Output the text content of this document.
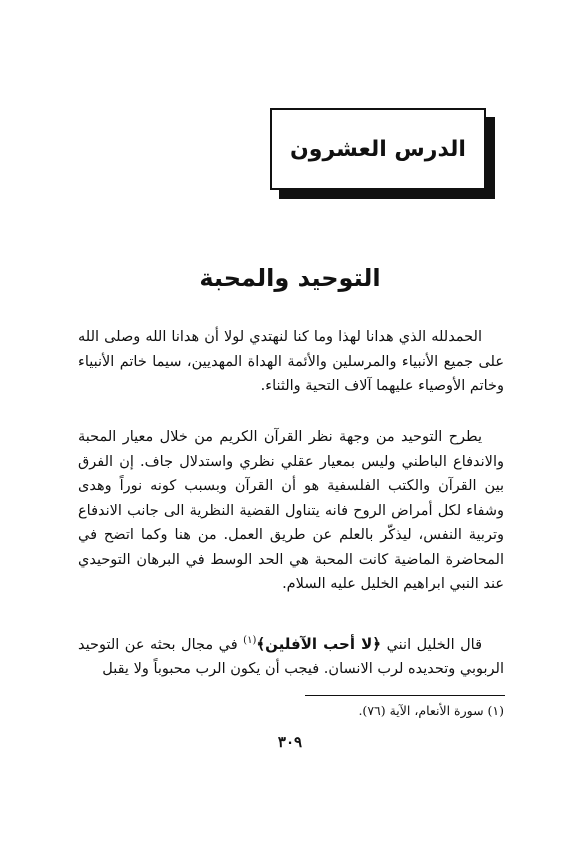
الدرس العشرون
التوحيد والمحبة

الحمدلله الذي هدانا لهذا وما كنا لنهتدي لولا أن هدانا الله وصلى الله على جميع الأنبياء والمرسلين والأئمة الهداة المهديين، سيما خاتم الأنبياء وخاتم الأوصياء عليهما آلاف التحية والثناء.

يطرح التوحيد من وجهة نظر القرآن الكريم من خلال معيار المحبة والاندفاع الباطني وليس بمعيار عقلي نظري واستدلال جاف. إن الفرق بين القرآن والكتب الفلسفية هو أن القرآن وبسبب كونه نوراً وهدى وشفاء لكل أمراض الروح فانه يتناول القضية النظرية الى جانب الاندفاع وتربية النفس، ليذكّر بالعلم عن طريق العمل. من هنا وكما اتضح في المحاضرة الماضية كانت المحبة هي الحد الوسط في البرهان التوحيدي عند النبي ابراهيم الخليل عليه السلام.

قال الخليل انني ﴿لا أحب الآفلين﴾$^{(١)}$ في مجال بحثه عن التوحيد الربوبي وتحديده لرب الانسان. فيجب أن يكون الرب محبوباً ولا يقبل

(١) سورة الأنعام، الآية (٧٦).
٣٠٩
